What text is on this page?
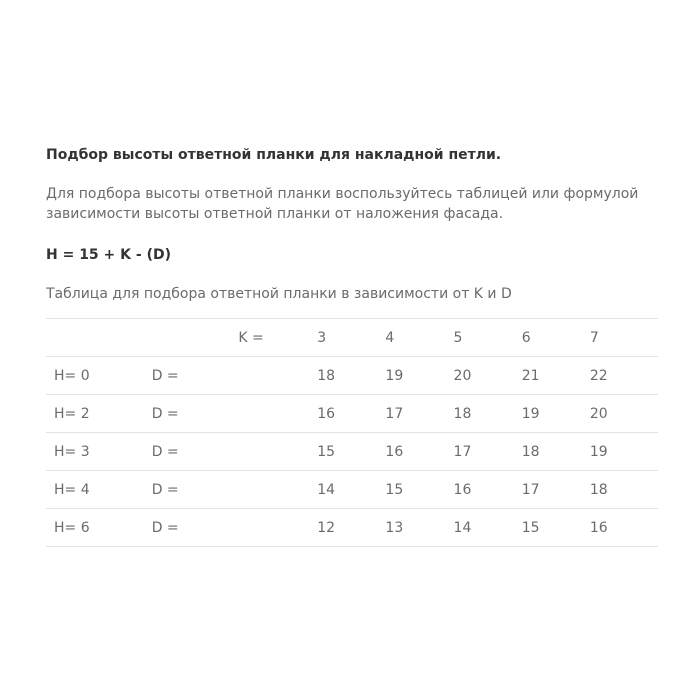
Подбор высоты ответной планки для накладной петли.

Для подбора высоты ответной планки воспользуйтесь таблицей или формулой зависимости высоты ответной планки от наложения фасада.

H = 15 + K - (D)

Таблица для подбора ответной планки в зависимости от K и D

		K =	3	4	5	6	7
H= 0	D =		18	19	20	21	22
H= 2	D =		16	17	18	19	20
H= 3	D =		15	16	17	18	19
H= 4	D =		14	15	16	17	18
H= 6	D =		12	13	14	15	16
